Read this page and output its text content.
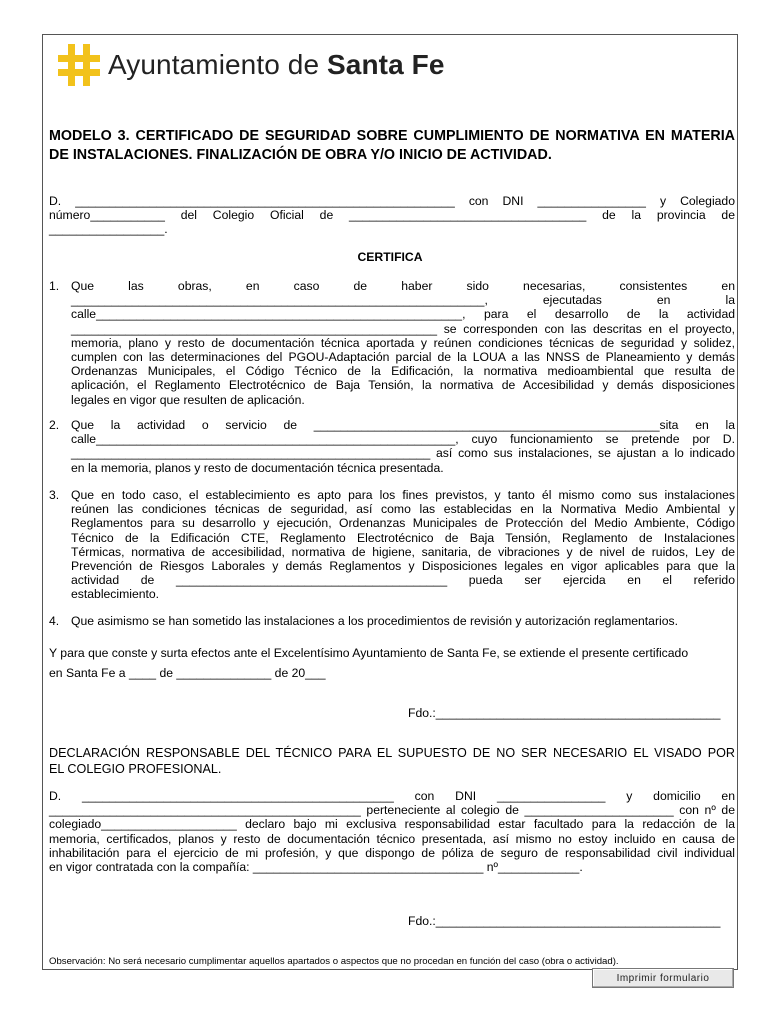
Ayuntamiento de Santa Fe
MODELO 3. CERTIFICADO DE SEGURIDAD SOBRE CUMPLIMIENTO DE NORMATIVA EN MATERIA DE INSTALACIONES. FINALIZACIÓN DE OBRA Y/O INICIO DE ACTIVIDAD.
D. ________________________________________________________ con DNI ________________ y Colegiado
número___________ del Colegio Oficial de ___________________________________ de la provincia de
_________________.
CERTIFICA
1. Que las obras, en caso de haber sido necesarias, consistentes en
_____________________________________________________________, ejecutadas en la
calle______________________________________________________, para el desarrollo de la actividad
______________________________________________________ se corresponden con las descritas en el proyecto,
memoria, plano y resto de documentación técnica aportada y reúnen condiciones técnicas de seguridad y solidez,
cumplen con las determinaciones del PGOU-Adaptación parcial de la LOUA a las NNSS de Planeamiento y demás
Ordenanzas Municipales, el Código Técnico de la Edificación, la normativa medioambiental que resulta de
aplicación, el Reglamento Electrotécnico de Baja Tensión, la normativa de Accesibilidad y demás disposiciones
legales en vigor que resulten de aplicación.
2. Que la actividad o servicio de ___________________________________________________sita en la
calle_____________________________________________________, cuyo funcionamiento se pretende por D.
_____________________________________________________ así como sus instalaciones, se ajustan a lo indicado
en la memoria, planos y resto de documentación técnica presentada.
3. Que en todo caso, el establecimiento es apto para los fines previstos, y tanto él mismo como sus instalaciones
reúnen las condiciones técnicas de seguridad, así como las establecidas en la Normativa Medio Ambiental y
Reglamentos para su desarrollo y ejecución, Ordenanzas Municipales de Protección del Medio Ambiente, Código
Técnico de la Edificación CTE, Reglamento Electrotécnico de Baja Tensión, Reglamento de Instalaciones
Térmicas, normativa de accesibilidad, normativa de higiene, sanitaria, de vibraciones y de nivel de ruidos, Ley de
Prevención de Riesgos Laborales y demás Reglamentos y Disposiciones legales en vigor aplicables para que la
actividad de ________________________________________ pueda ser ejercida en el referido
establecimiento.
4. Que asimismo se han sometido las instalaciones a los procedimientos de revisión y autorización reglamentarios.
Y para que conste y surta efectos ante el Excelentísimo Ayuntamiento de Santa Fe, se extiende el presente certificado
en Santa Fe a ____ de ______________ de 20___
Fdo.:__________________________________________
DECLARACIÓN RESPONSABLE DEL TÉCNICO PARA EL SUPUESTO DE NO SER NECESARIO EL VISADO POR
EL COLEGIO PROFESIONAL.
D. ______________________________________________ con DNI ________________ y domicilio en
______________________________________________ perteneciente al colegio de ______________________ con nº de
colegiado____________________ declaro bajo mi exclusiva responsabilidad estar facultado para la redacción de la
memoria, certificados, planos y resto de documentación técnico presentada, así mismo no estoy incluido en causa de
inhabilitación para el ejercicio de mi profesión, y que dispongo de póliza de seguro de responsabilidad civil individual
en vigor contratada con la compañía: __________________________________ nº____________.
Fdo.:__________________________________________
Observación: No será necesario cumplimentar aquellos apartados o aspectos que no procedan en función del caso (obra o actividad).
Imprimir formulario
